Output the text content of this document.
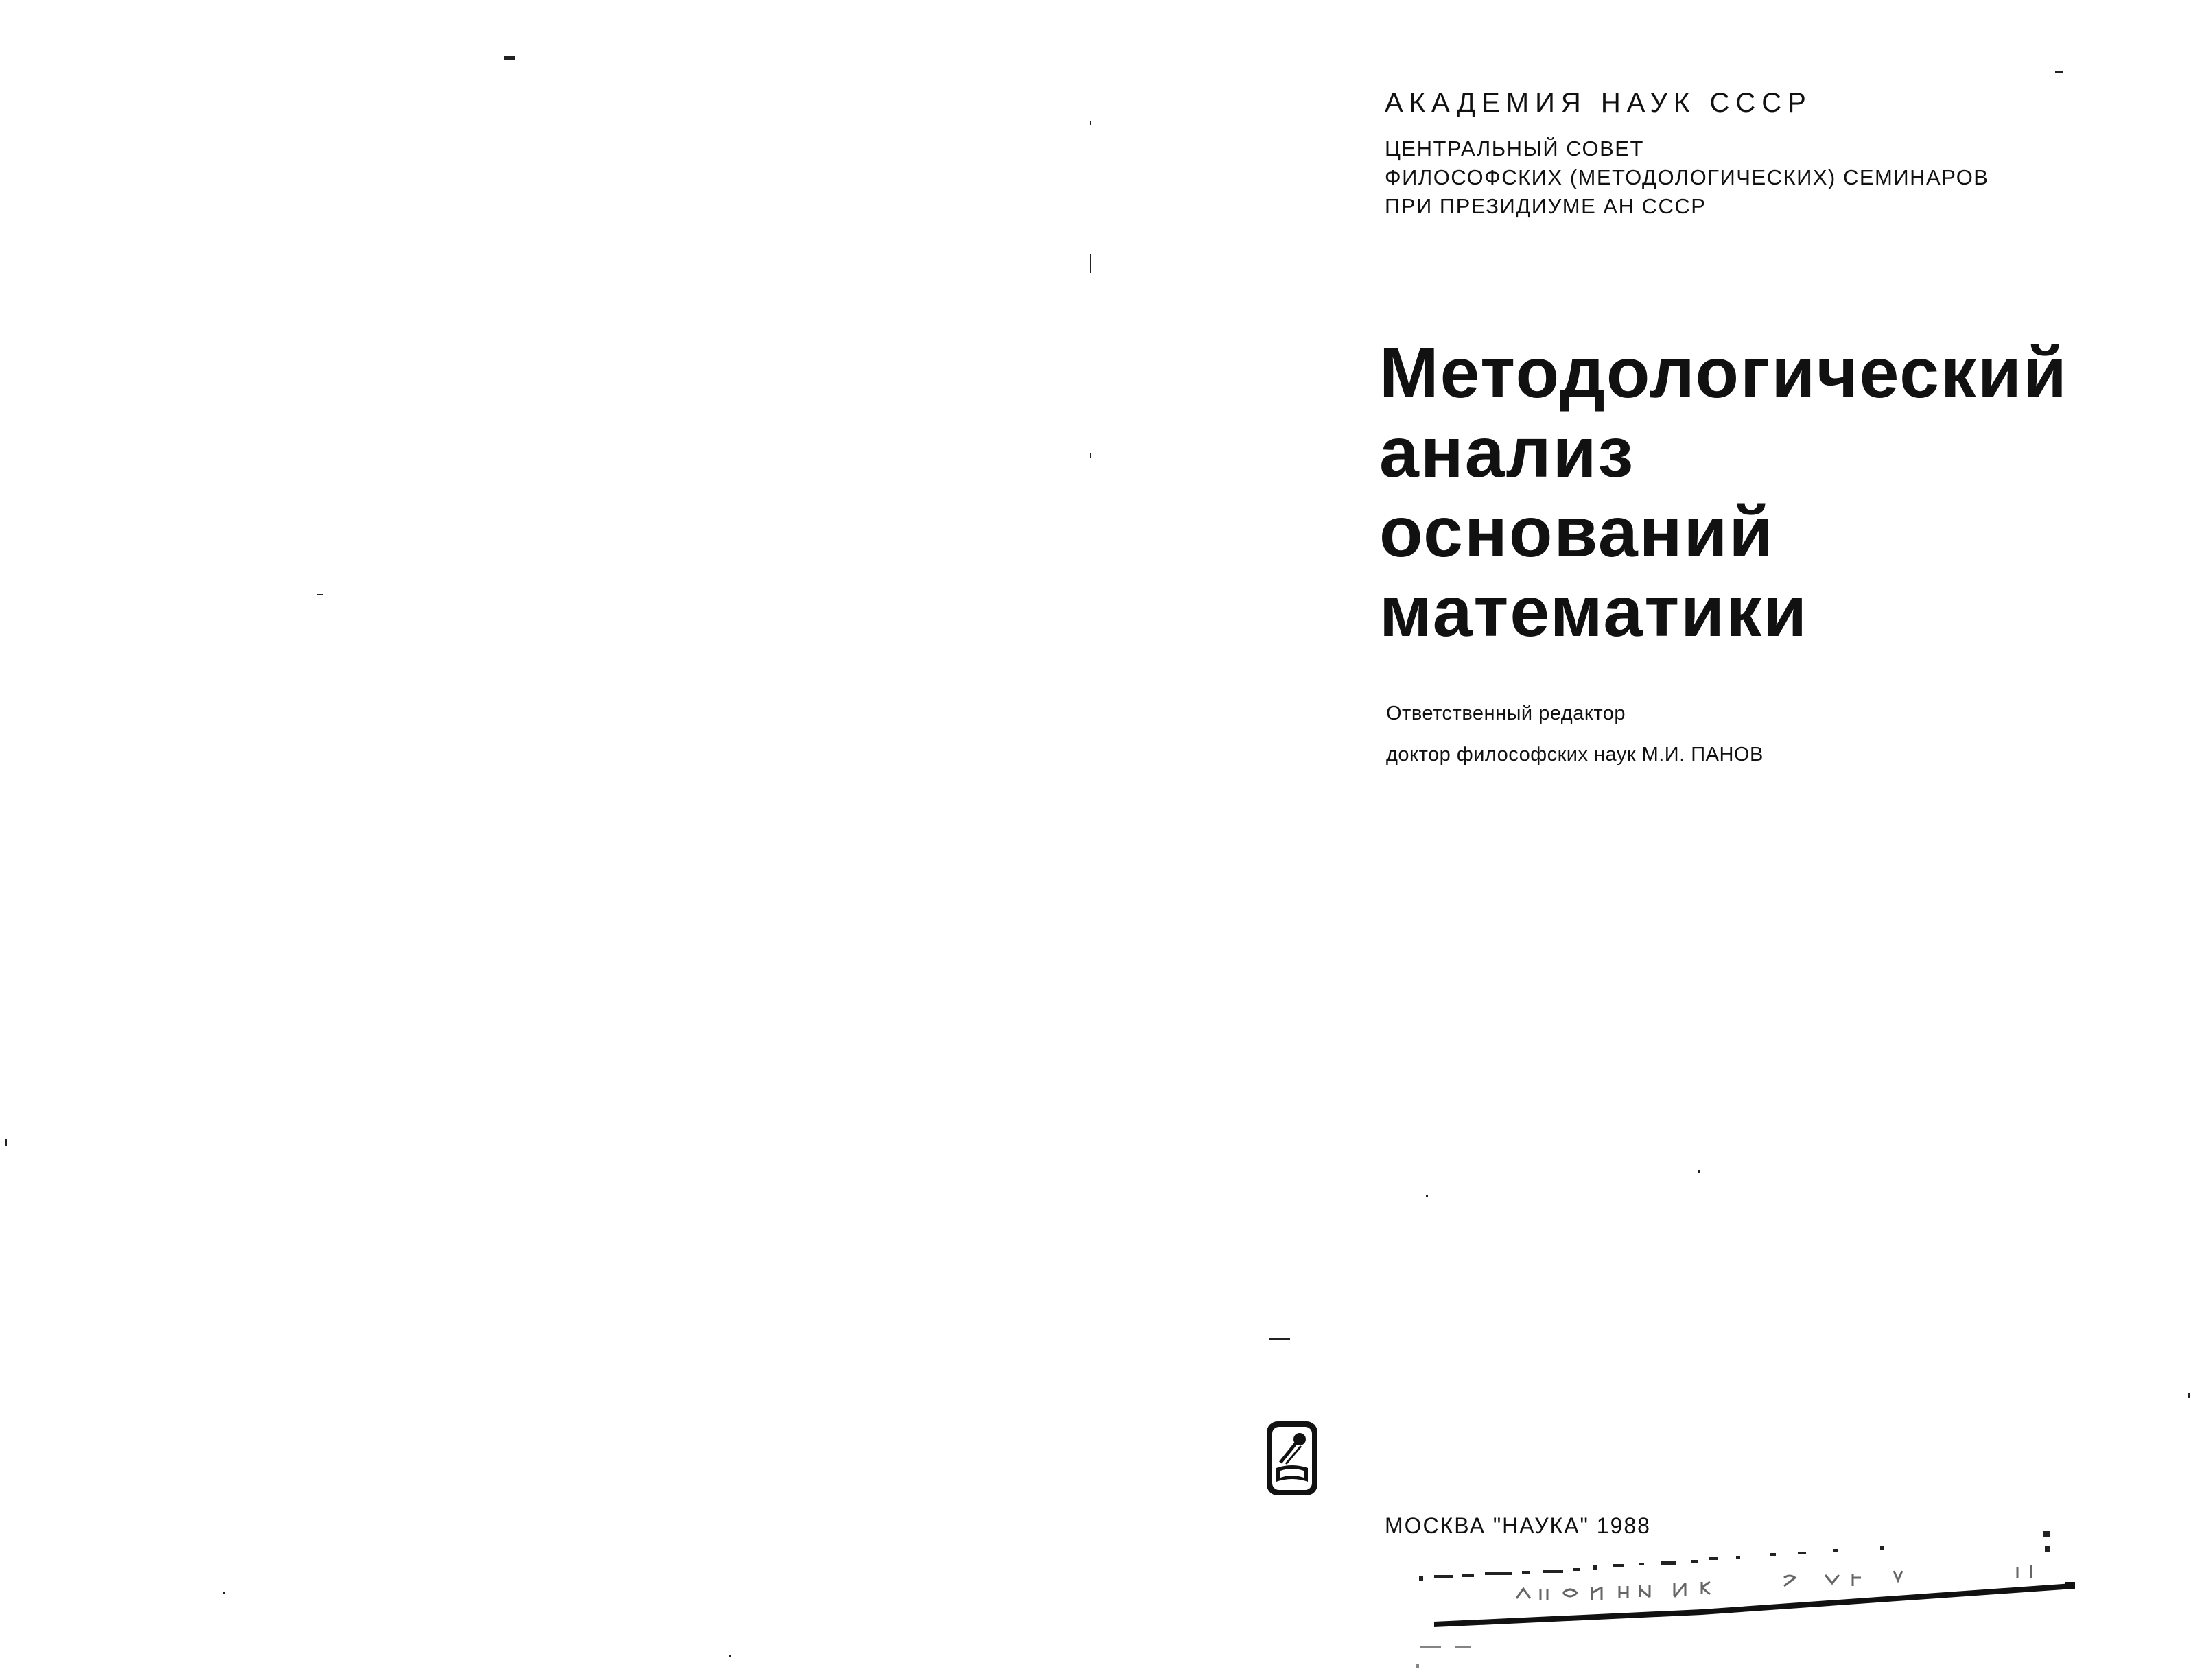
АКАДЕМИЯ НАУК СССР
ЦЕНТРАЛЬНЫЙ СОВЕТ
ФИЛОСОФСКИХ (МЕТОДОЛОГИЧЕСКИХ) СЕМИНАРОВ
ПРИ ПРЕЗИДИУМЕ АН СССР
Методологический
анализ
оснований
математики
Ответственный редактор
доктор философских наук М.И. ПАНОВ
МОСКВА "НАУКА" 1988
